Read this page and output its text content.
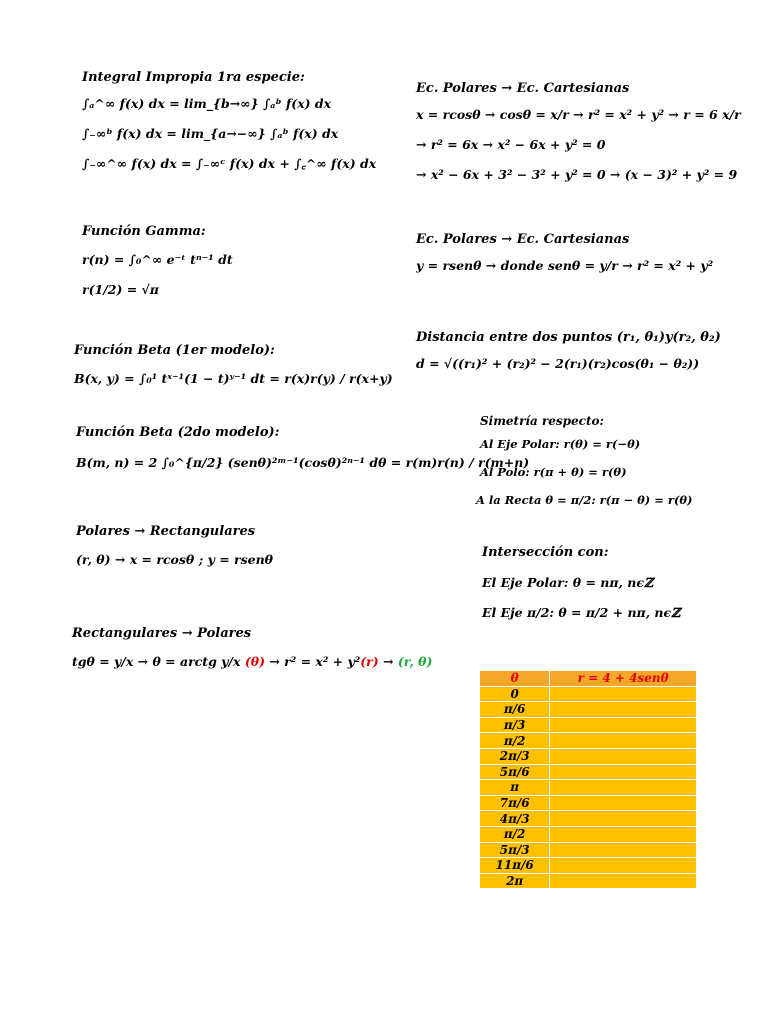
Integral Impropia 1ra especie:
∫ₐ^∞ f(x) dx = lim_{b→∞} ∫ₐᵇ f(x) dx
∫₋∞ᵇ f(x) dx = lim_{a→−∞} ∫ₐᵇ f(x) dx
∫₋∞^∞ f(x) dx = ∫₋∞ᶜ f(x) dx + ∫꜀^∞ f(x) dx
Función Gamma:
r(n) = ∫₀^∞ e⁻ᵗ tⁿ⁻¹ dt
r(1/2) = √π
Función Beta (1er modelo):
B(x, y) = ∫₀¹ tˣ⁻¹(1 − t)ʸ⁻¹ dt = r(x)r(y) / r(x+y)
Función Beta (2do modelo):
B(m, n) = 2 ∫₀^{π/2} (senθ)²ᵐ⁻¹(cosθ)²ⁿ⁻¹ dθ = r(m)r(n) / r(m+n)
Polares → Rectangulares
(r, θ) → x = rcosθ ; y = rsenθ
Rectangulares → Polares
tgθ = y/x → θ = arctg y/x (θ) → r² = x² + y²(r) → (r, θ)
Ec. Polares → Ec. Cartesianas
x = rcosθ → cosθ = x/r → r² = x² + y² → r = 6 x/r
→ r² = 6x → x² − 6x + y² = 0
→ x² − 6x + 3² − 3² + y² = 0 → (x − 3)² + y² = 9
Ec. Polares → Ec. Cartesianas
y = rsenθ → donde senθ = y/r → r² = x² + y²
Distancia entre dos puntos (r₁, θ₁)y(r₂, θ₂)
d = √((r₁)² + (r₂)² − 2(r₁)(r₂)cos(θ₁ − θ₂))
Simetría respecto:
Al Eje Polar: r(θ) = r(−θ)
Al Polo: r(π + θ) = r(θ)
A la Recta θ = π/2: r(π − θ) = r(θ)
Intersección con:
El Eje Polar: θ = nπ, nϵℤ
El Eje π/2: θ = π/2 + nπ, nϵℤ
θ	r = 4 + 4senθ
0	
π/6	
π/3	
π/2	
2π/3	
5π/6	
π	
7π/6	
4π/3	
π/2	
5π/3	
11π/6	
2π	
